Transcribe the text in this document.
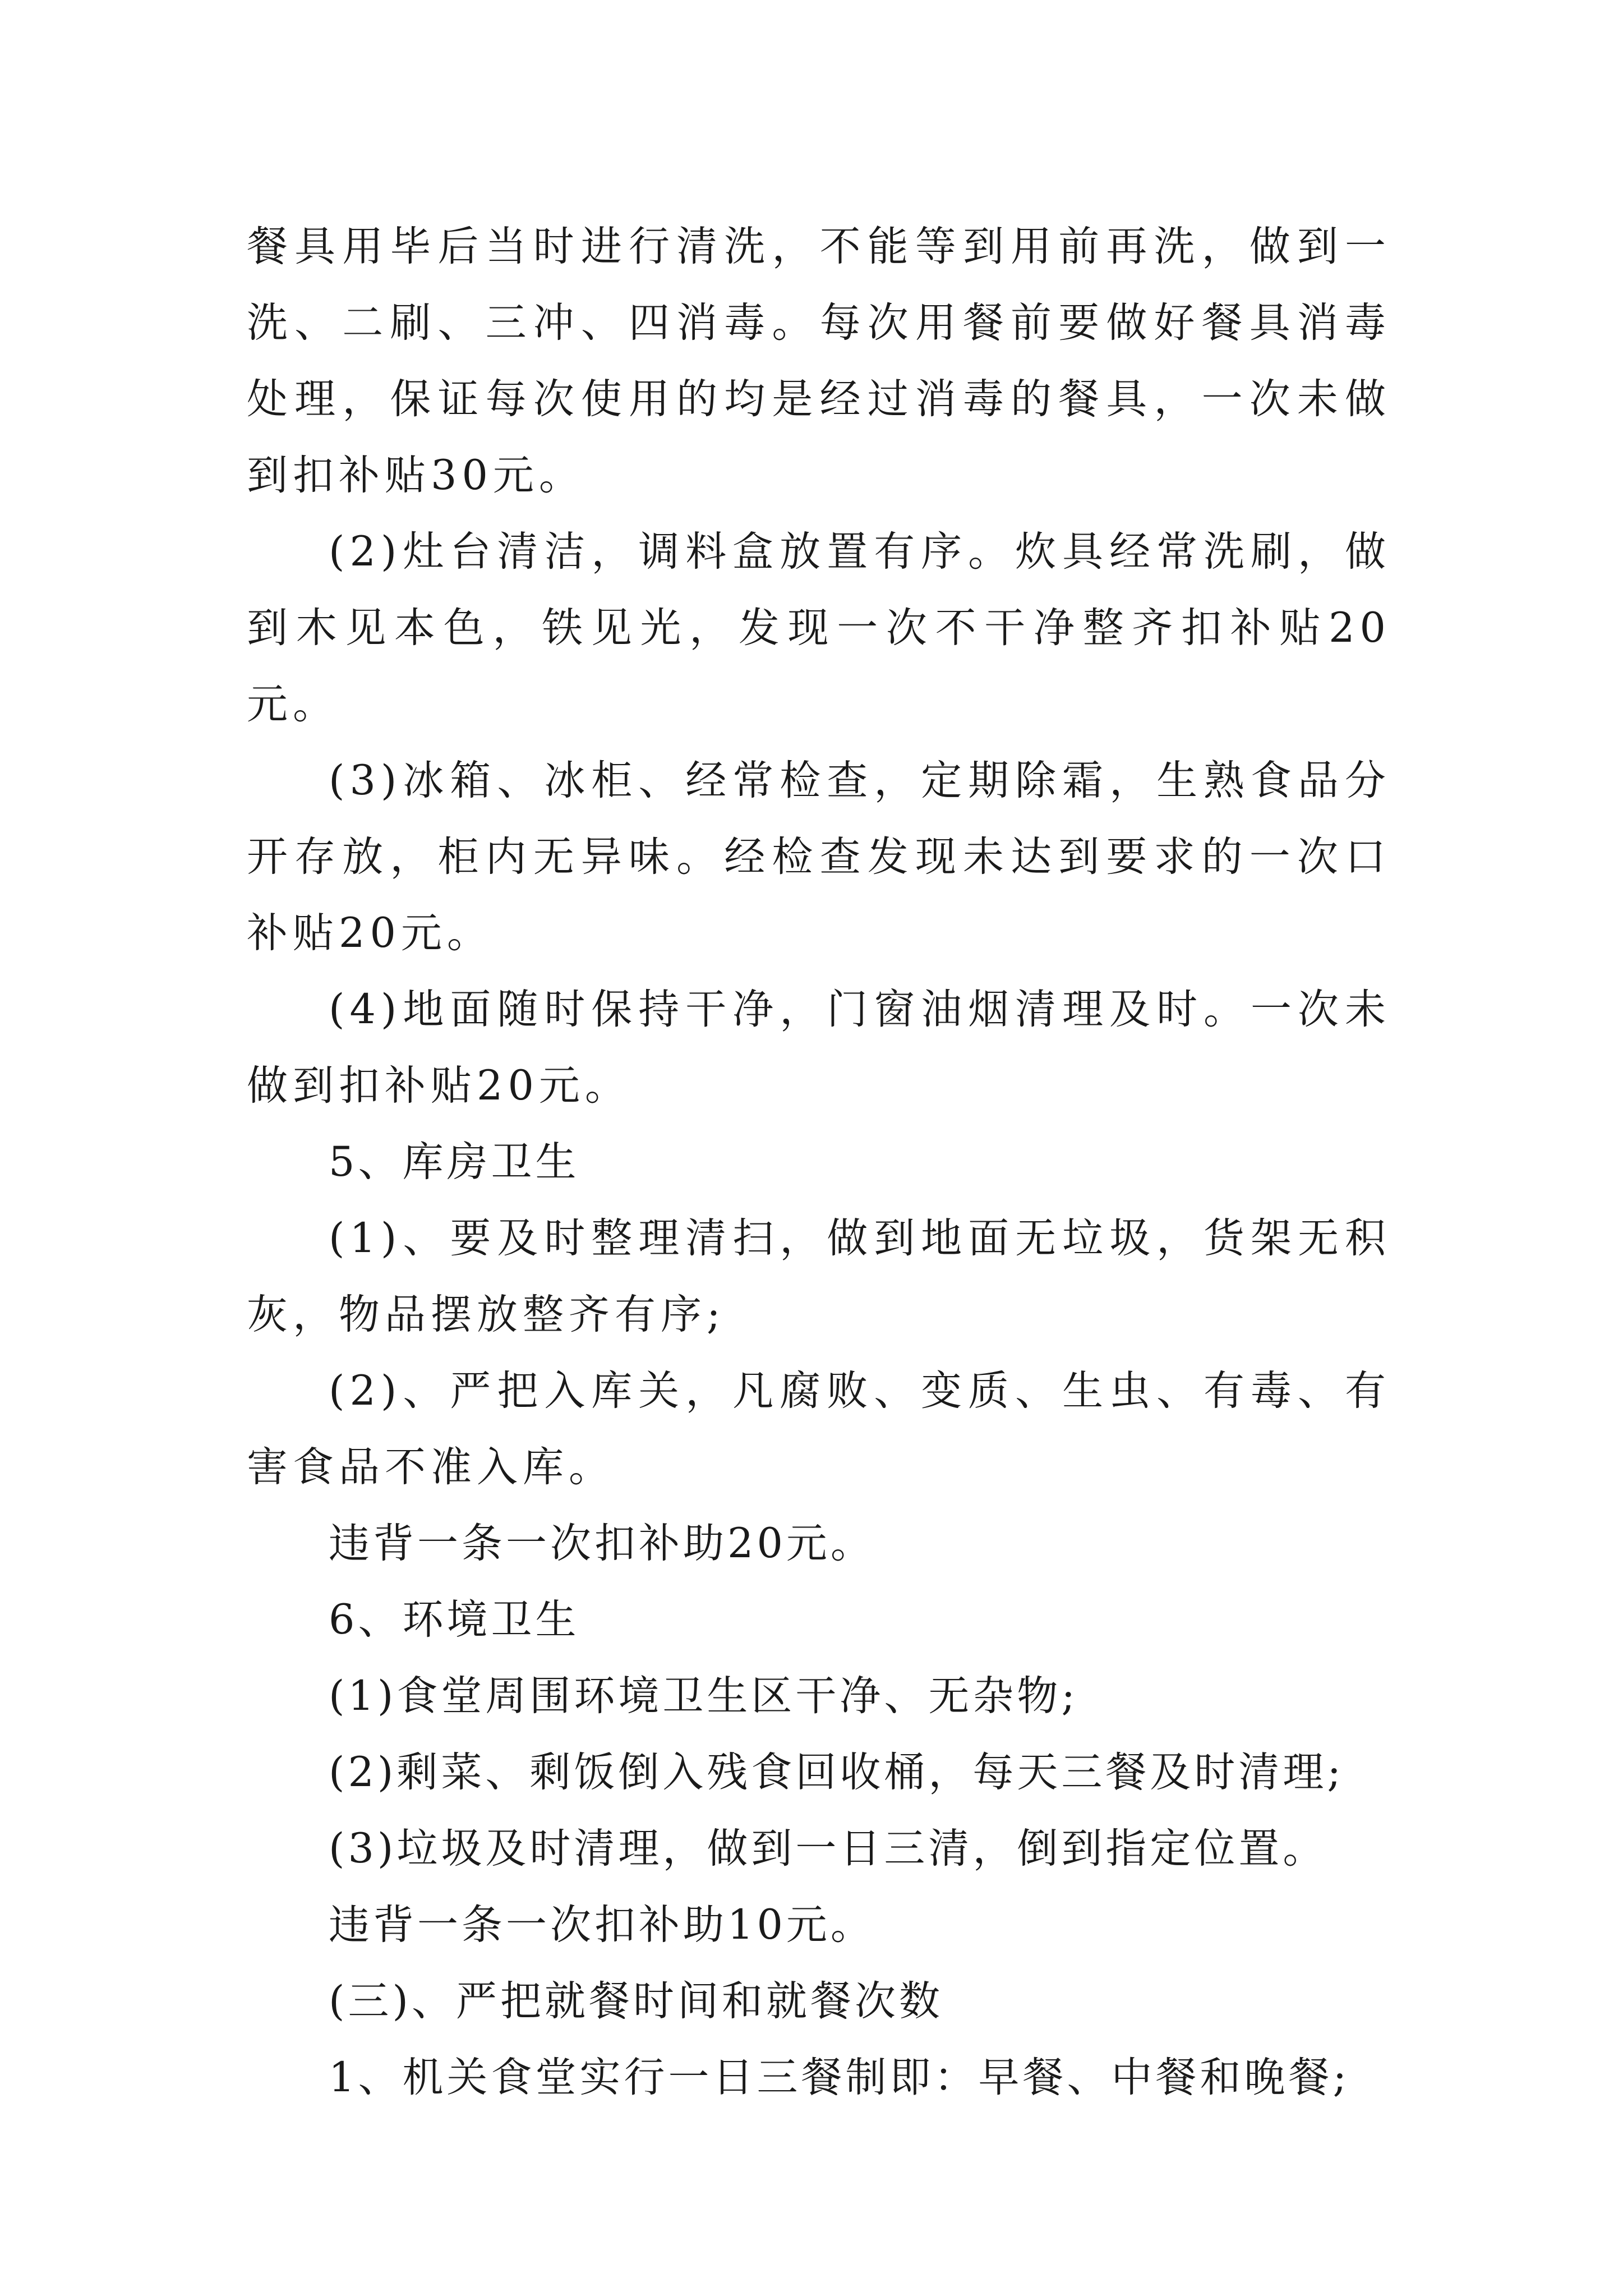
餐具用毕后当时进行清洗，不能等到用前再洗，做到一洗、二刷、三冲、四消毒。每次用餐前要做好餐具消毒处理，保证每次使用的均是经过消毒的餐具，一次未做到扣补贴30元。

(2)灶台清洁，调料盒放置有序。炊具经常洗刷，做到木见本色，铁见光，发现一次不干净整齐扣补贴20元。

(3)冰箱、冰柜、经常检查，定期除霜，生熟食品分开存放，柜内无异味。经检查发现未达到要求的一次口补贴20元。

(4)地面随时保持干净，门窗油烟清理及时。一次未做到扣补贴20元。

5、库房卫生

(1)、要及时整理清扫，做到地面无垃圾，货架无积灰，物品摆放整齐有序;

(2)、严把入库关，凡腐败、变质、生虫、有毒、有害食品不准入库。

违背一条一次扣补助20元。

6、环境卫生

(1)食堂周围环境卫生区干净、无杂物;

(2)剩菜、剩饭倒入残食回收桶，每天三餐及时清理;

(3)垃圾及时清理，做到一日三清，倒到指定位置。

违背一条一次扣补助10元。

(三)、严把就餐时间和就餐次数

1、机关食堂实行一日三餐制即：早餐、中餐和晚餐;
